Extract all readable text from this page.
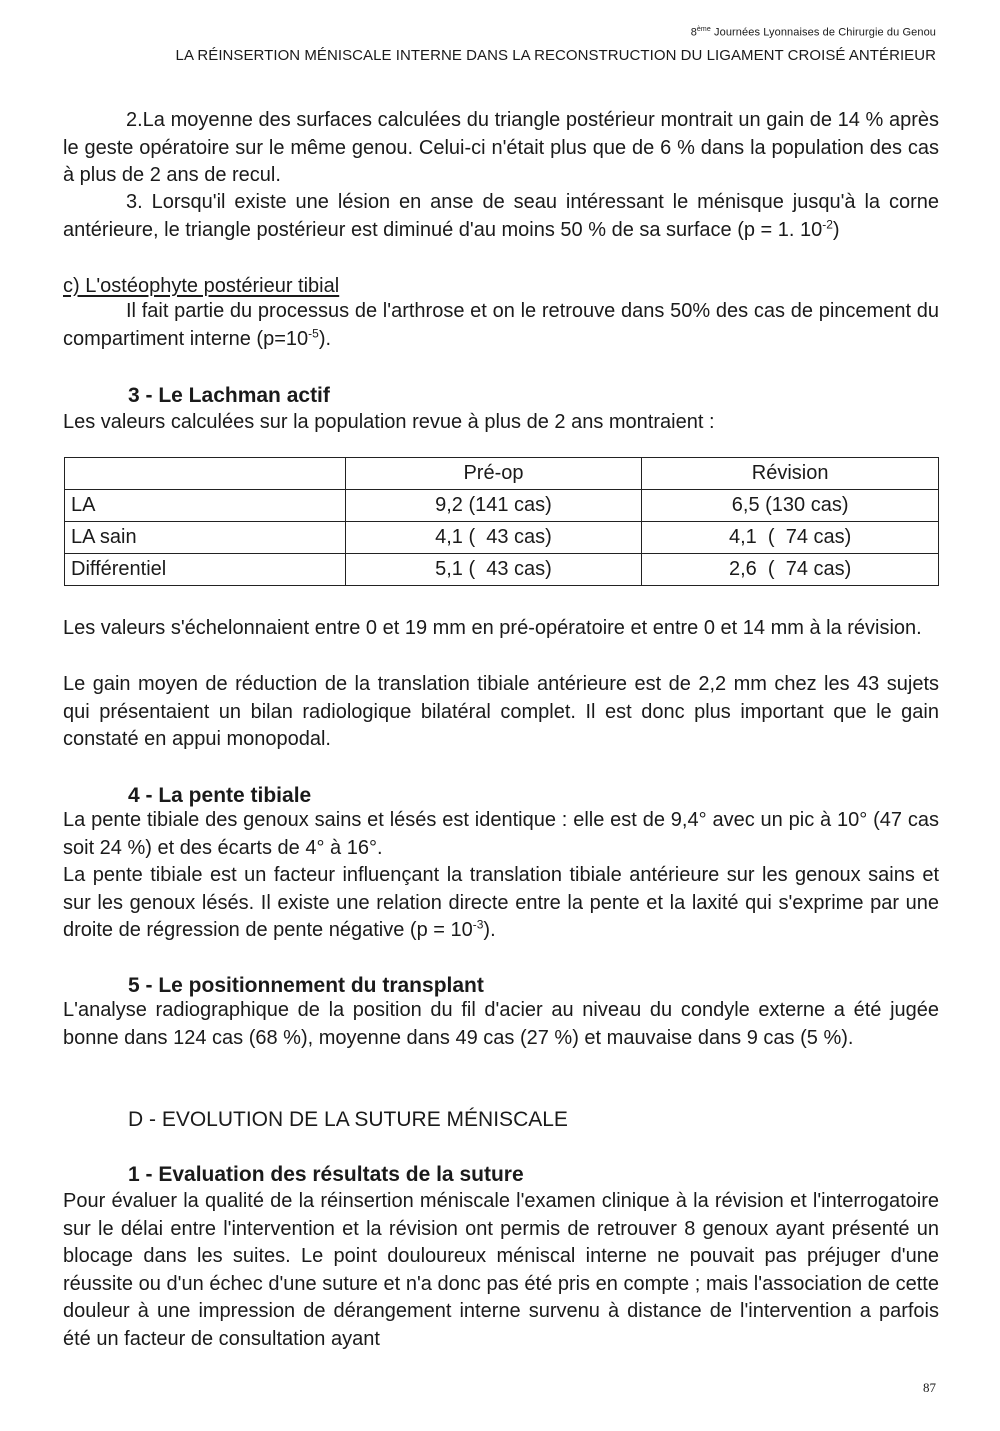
8ème Journées Lyonnaises de Chirurgie du Genou
LA RÉINSERTION MÉNISCALE INTERNE DANS LA RECONSTRUCTION DU LIGAMENT CROISÉ ANTÉRIEUR

2.La moyenne des surfaces calculées du triangle postérieur montrait un gain de 14 % après le geste opératoire sur le même genou. Celui-ci n'était plus que de 6 % dans la population des cas à plus de 2 ans de recul.

3. Lorsqu'il existe une lésion en anse de seau intéressant le ménisque jusqu'à la corne antérieure, le triangle postérieur est diminué d'au moins 50 % de sa surface (p = 1. $10^{-2}$)

c) L'ostéophyte postérieur tibial

Il fait partie du processus de l'arthrose et on le retrouve dans 50% des cas de pincement du compartiment interne $(p=10^{-5})$.

3 - Le Lachman actif

Les valeurs calculées sur la population revue à plus de 2 ans montraient :

	Pré-op	Révision
LA	9,2 (141 cas)	6,5 (130 cas)
LA sain	4,1 (  43 cas)	4,1  (  74 cas)
Différentiel	5,1 (  43 cas)	2,6  (  74 cas)

Les valeurs s'échelonnaient entre 0 et 19 mm en pré-opératoire et entre 0 et 14 mm à la révision.

Le gain moyen de réduction de la translation tibiale antérieure est de 2,2 mm chez les 43 sujets qui présentaient un bilan radiologique bilatéral complet. Il est donc plus important que le gain constaté en appui monopodal.

4 - La pente tibiale

La pente tibiale des genoux sains et lésés est identique : elle est de 9,4° avec un pic à 10° (47 cas soit 24 %) et des écarts de 4° à 16°.

La pente tibiale est un facteur influençant la translation tibiale antérieure sur les genoux sains et sur les genoux lésés. Il existe une relation directe entre la pente et la laxité qui s'exprime par une droite de régression de pente négative $(p = 10^{-3})$.

5 - Le positionnement du transplant

L'analyse radiographique de la position du fil d'acier au niveau du condyle externe a été jugée bonne dans 124 cas (68 %), moyenne dans 49 cas (27 %) et mauvaise dans 9 cas (5 %).

D - EVOLUTION DE LA SUTURE MÉNISCALE

1 - Evaluation des résultats de la suture

Pour évaluer la qualité de la réinsertion méniscale l'examen clinique à la révision et l'interrogatoire sur le délai entre l'intervention et la révision ont permis de retrouver 8 genoux ayant présenté un blocage dans les suites. Le point douloureux méniscal interne ne pouvait pas préjuger d'une réussite ou d'un échec d'une suture et n'a donc pas été pris en compte ; mais l'association de cette douleur à une impression de dérangement interne survenu à distance de l'intervention a parfois été un facteur de consultation ayant

87
